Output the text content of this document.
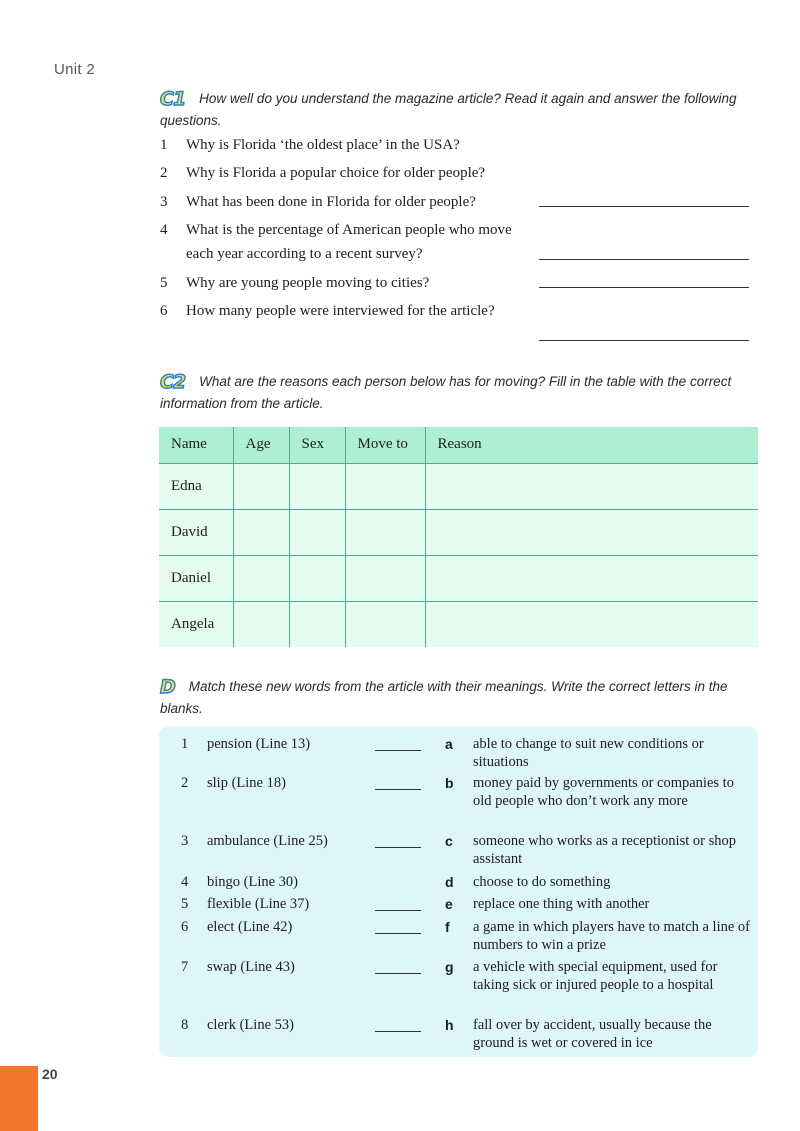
Unit 2
C1 How well do you understand the magazine article? Read it again and answer the following questions.
1	Why is Florida ‘the oldest place’ in the USA?
2	Why is Florida a popular choice for older people?
3	What has been done in Florida for older people?
4	What is the percentage of American people who move each year according to a recent survey?
5	Why are young people moving to cities?
6	How many people were interviewed for the article?
C2 What are the reasons each person below has for moving? Fill in the table with the correct information from the article.
Name	Age	Sex	Move to	Reason
Edna				
David				
Daniel				
Angela				
D Match these new words from the article with their meanings. Write the correct letters in the blanks.
1 pension (Line 13)	a able to change to suit new conditions or situations
2 slip (Line 18)	b money paid by governments or companies to old people who don’t work any more
3 ambulance (Line 25)	c someone who works as a receptionist or shop assistant
4 bingo (Line 30)	d choose to do something
5 flexible (Line 37)	e replace one thing with another
6 elect (Line 42)	f a game in which players have to match a line of numbers to win a prize
7 swap (Line 43)	g a vehicle with special equipment, used for taking sick or injured people to a hospital
8 clerk (Line 53)	h fall over by accident, usually because the ground is wet or covered in ice
20
